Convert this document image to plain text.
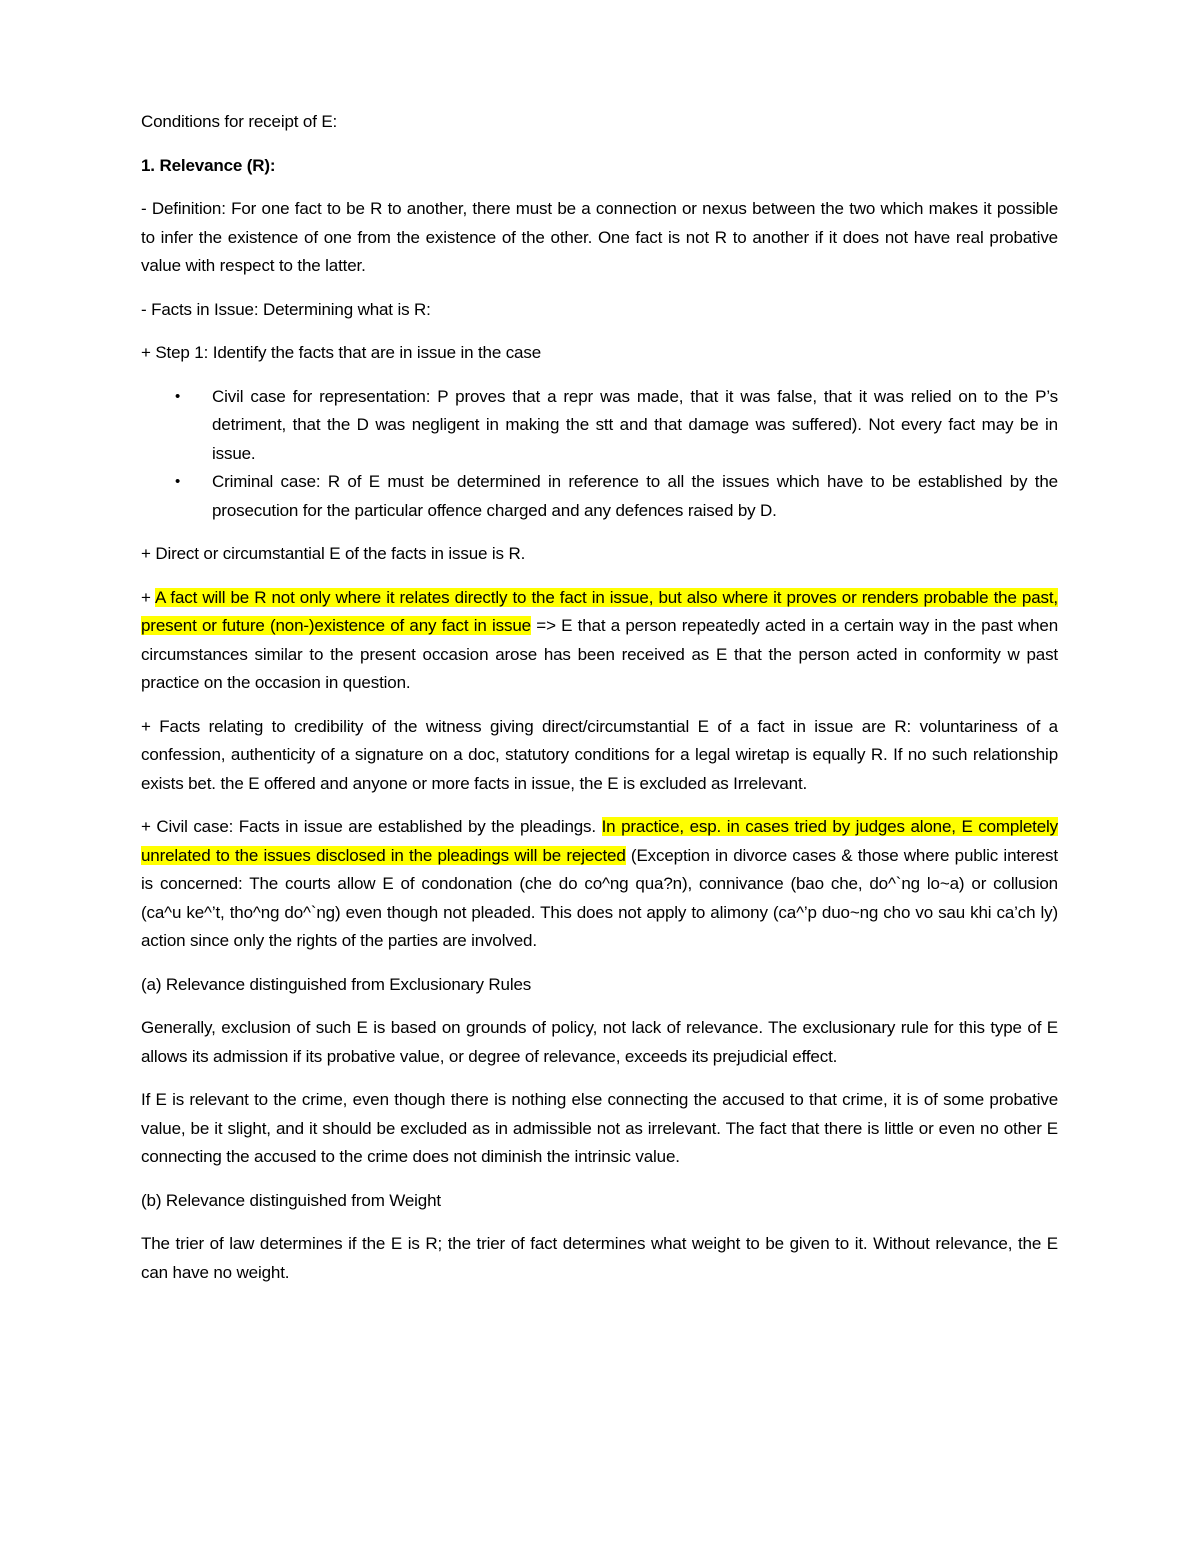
Conditions for receipt of E:

1. Relevance (R):

- Definition: For one fact to be R to another, there must be a connection or nexus between the two which makes it possible to infer the existence of one from the existence of the other. One fact is not R to another if it does not have real probative value with respect to the latter.

- Facts in Issue: Determining what is R:

+ Step 1: Identify the facts that are in issue in the case

• Civil case for representation: P proves that a repr was made, that it was false, that it was relied on to the P’s detriment, that the D was negligent in making the stt and that damage was suffered). Not every fact may be in issue.
• Criminal case: R of E must be determined in reference to all the issues which have to be established by the prosecution for the particular offence charged and any defences raised by D.

+ Direct or circumstantial E of the facts in issue is R.

+ A fact will be R not only where it relates directly to the fact in issue, but also where it proves or renders probable the past, present or future (non-)existence of any fact in issue => E that a person repeatedly acted in a certain way in the past when circumstances similar to the present occasion arose has been received as E that the person acted in conformity w past practice on the occasion in question.

+ Facts relating to credibility of the witness giving direct/circumstantial E of a fact in issue are R: voluntariness of a confession, authenticity of a signature on a doc, statutory conditions for a legal wiretap is equally R. If no such relationship exists bet. the E offered and anyone or more facts in issue, the E is excluded as Irrelevant.

+ Civil case: Facts in issue are established by the pleadings. In practice, esp. in cases tried by judges alone, E completely unrelated to the issues disclosed in the pleadings will be rejected (Exception in divorce cases & those where public interest is concerned: The courts allow E of condonation (che do co^ng qua?n), connivance (bao che, do^`ng lo~a) or collusion (ca^u ke^’t, tho^ng do^`ng) even though not pleaded. This does not apply to alimony (ca^’p duo~ng cho vo sau khi ca’ch ly) action since only the rights of the parties are involved.

(a) Relevance distinguished from Exclusionary Rules

Generally, exclusion of such E is based on grounds of policy, not lack of relevance. The exclusionary rule for this type of E allows its admission if its probative value, or degree of relevance, exceeds its prejudicial effect.

If E is relevant to the crime, even though there is nothing else connecting the accused to that crime, it is of some probative value, be it slight, and it should be excluded as in admissible not as irrelevant. The fact that there is little or even no other E connecting the accused to the crime does not diminish the intrinsic value.

(b) Relevance distinguished from Weight

The trier of law determines if the E is R; the trier of fact determines what weight to be given to it. Without relevance, the E can have no weight.
